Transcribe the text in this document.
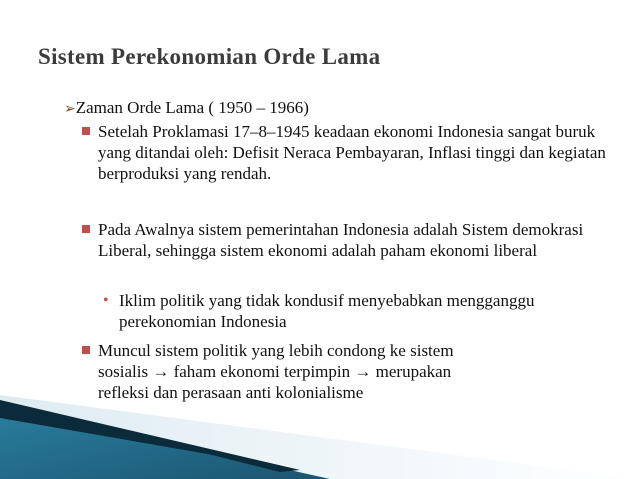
Sistem Perekonomian Orde Lama
➢Zaman Orde Lama ( 1950 – 1966)
Setelah Proklamasi 17–8–1945 keadaan ekonomi Indonesia sangat buruk yang ditandai oleh: Defisit Neraca Pembayaran, Inflasi tinggi dan kegiatan berproduksi yang rendah.
Pada Awalnya sistem pemerintahan Indonesia adalah Sistem demokrasi Liberal, sehingga sistem ekonomi adalah paham ekonomi liberal
• Iklim politik yang tidak kondusif menyebabkan mengganggu perekonomian Indonesia
Muncul sistem politik yang lebih condong ke sistem
sosialis → faham ekonomi terpimpin → merupakan
refleksi dan perasaan anti kolonialisme
